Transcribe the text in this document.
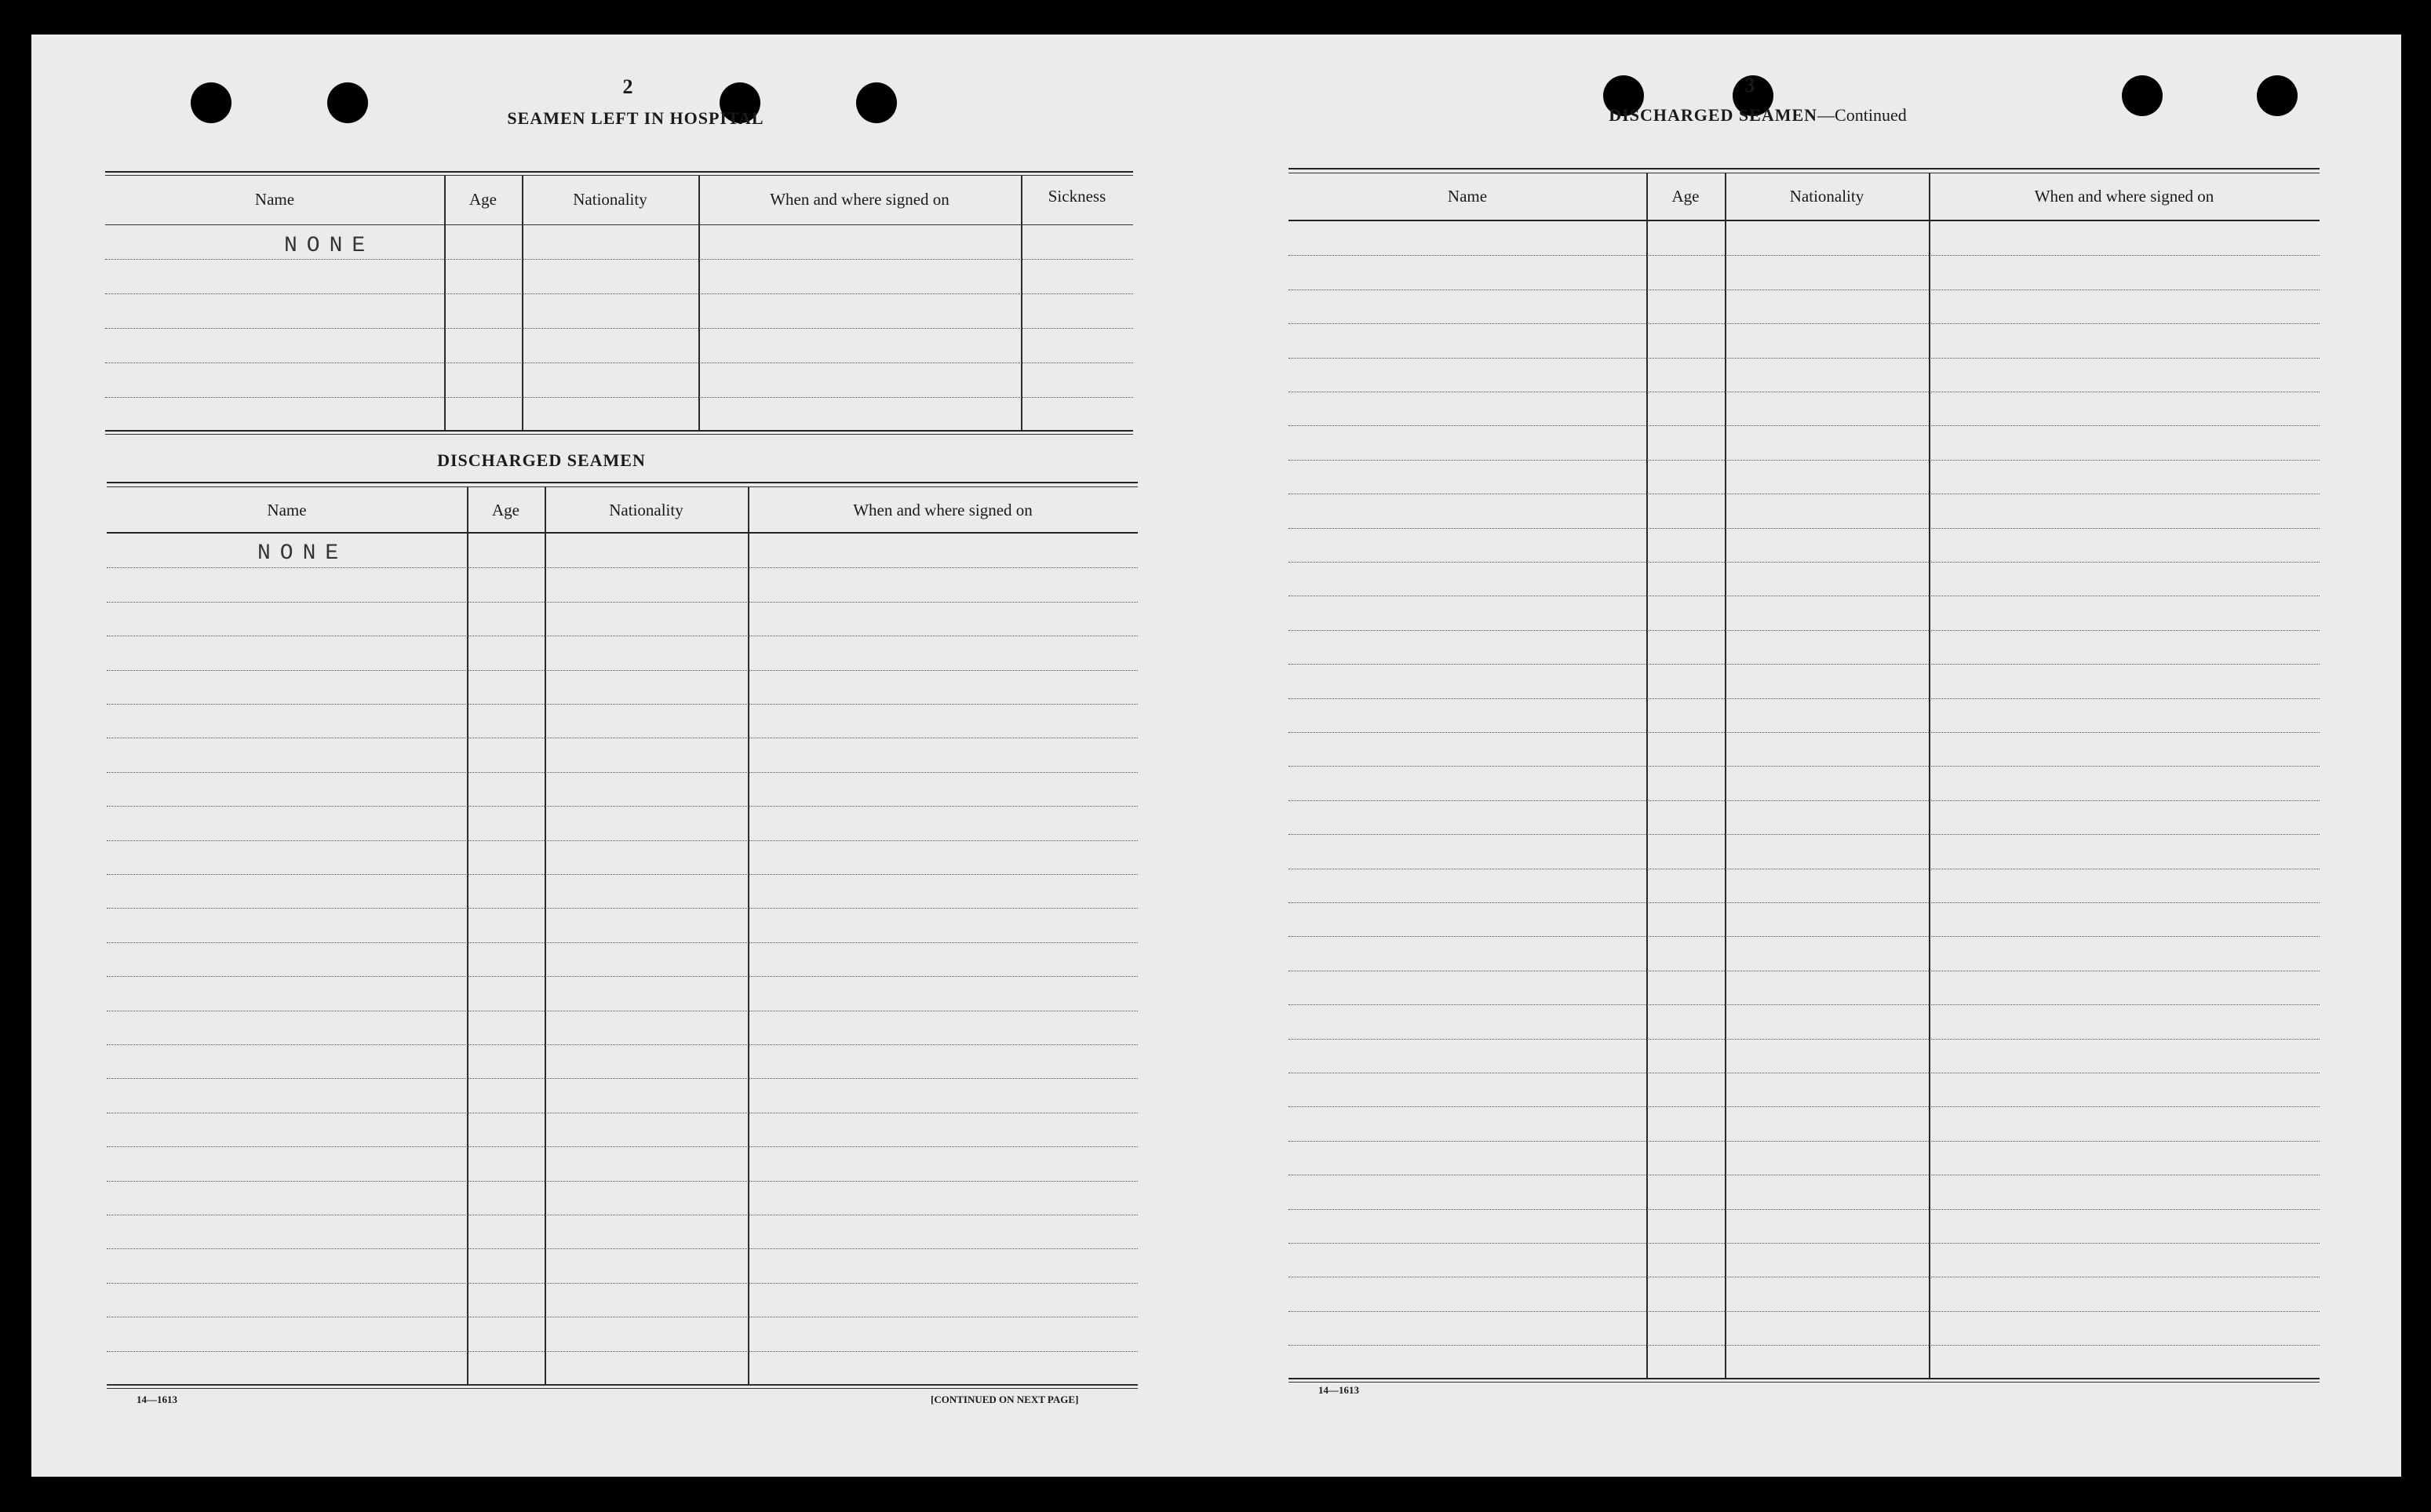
2
SEAMEN LEFT IN HOSPITAL
Name	Age	Nationality	When and where signed on	Sickness
NONE
DISCHARGED SEAMEN
Name	Age	Nationality	When and where signed on
NONE
14—1613	[CONTINUED ON NEXT PAGE]
3
DISCHARGED SEAMEN—Continued
Name	Age	Nationality	When and where signed on
14—1613
